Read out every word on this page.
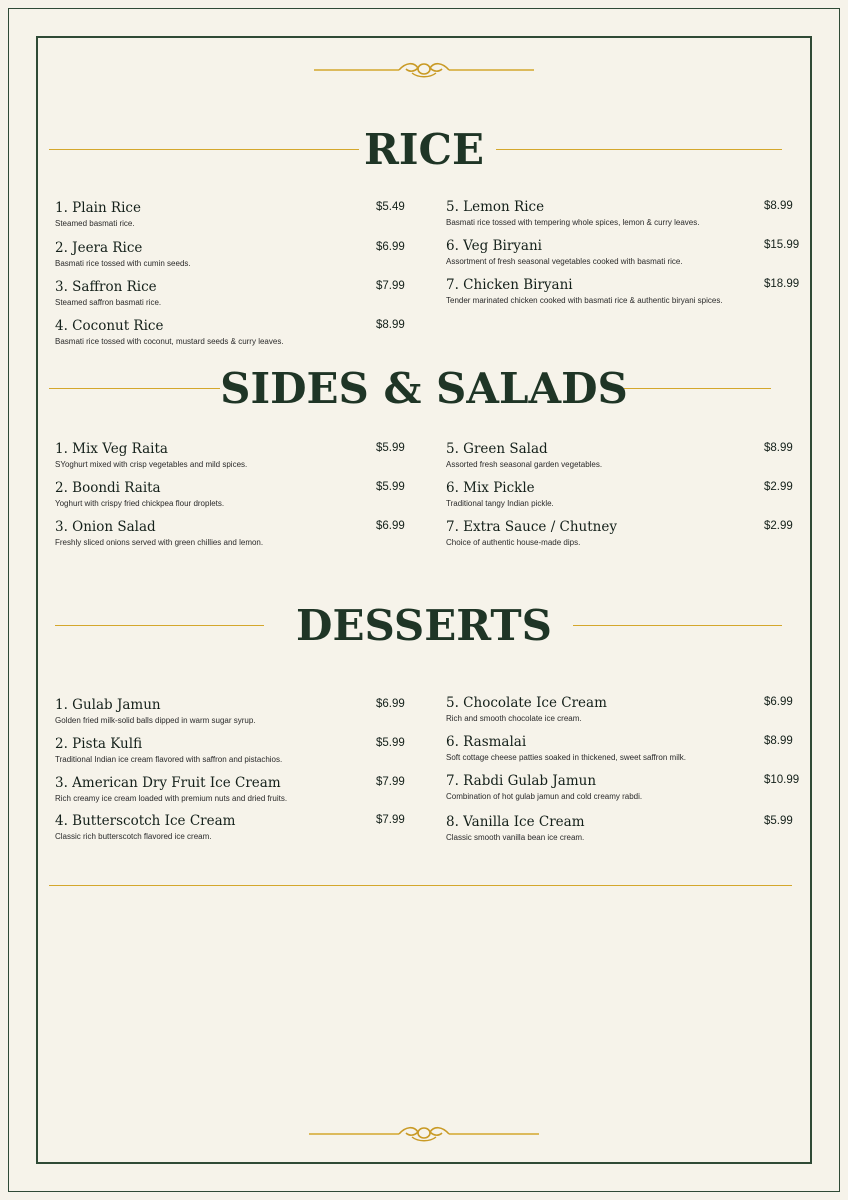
RICE
1. Plain Rice
Steamed basmati rice.
$5.49
2. Jeera Rice
Basmati rice tossed with cumin seeds.
$6.99
3. Saffron Rice
Steamed saffron basmati rice.
$7.99
4. Coconut Rice
Basmati rice tossed with coconut, mustard seeds & curry leaves.
$8.99
5. Lemon Rice
Basmati rice tossed with tempering whole spices, lemon & curry leaves.
$8.99
6. Veg Biryani
Assortment of fresh seasonal vegetables cooked with basmati rice.
$15.99
7. Chicken Biryani
Tender marinated chicken cooked with basmati rice & authentic biryani spices.
$18.99
SIDES & SALADS
1. Mix Veg Raita
SYoghurt mixed with crisp vegetables and mild spices.
$5.99
2. Boondi Raita
Yoghurt with crispy fried chickpea flour droplets.
$5.99
3. Onion Salad
Freshly sliced onions served with green chillies and lemon.
$6.99
5. Green Salad
Assorted fresh seasonal garden vegetables.
$8.99
6. Mix Pickle
Traditional tangy Indian pickle.
$2.99
7. Extra Sauce / Chutney
Choice of authentic house-made dips.
$2.99
DESSERTS
1. Gulab Jamun
Golden fried milk-solid balls dipped in warm sugar syrup.
$6.99
2. Pista Kulfi
Traditional Indian ice cream flavored with saffron and pistachios.
$5.99
3. American Dry Fruit Ice Cream
Rich creamy ice cream loaded with premium nuts and dried fruits.
$7.99
4. Butterscotch Ice Cream
Classic rich butterscotch flavored ice cream.
$7.99
5. Chocolate Ice Cream
Rich and smooth chocolate ice cream.
$6.99
6. Rasmalai
Soft cottage cheese patties soaked in thickened, sweet saffron milk.
$8.99
7. Rabdi Gulab Jamun
Combination of hot gulab jamun and cold creamy rabdi.
$10.99
8. Vanilla Ice Cream
Classic smooth vanilla bean ice cream.
$5.99
